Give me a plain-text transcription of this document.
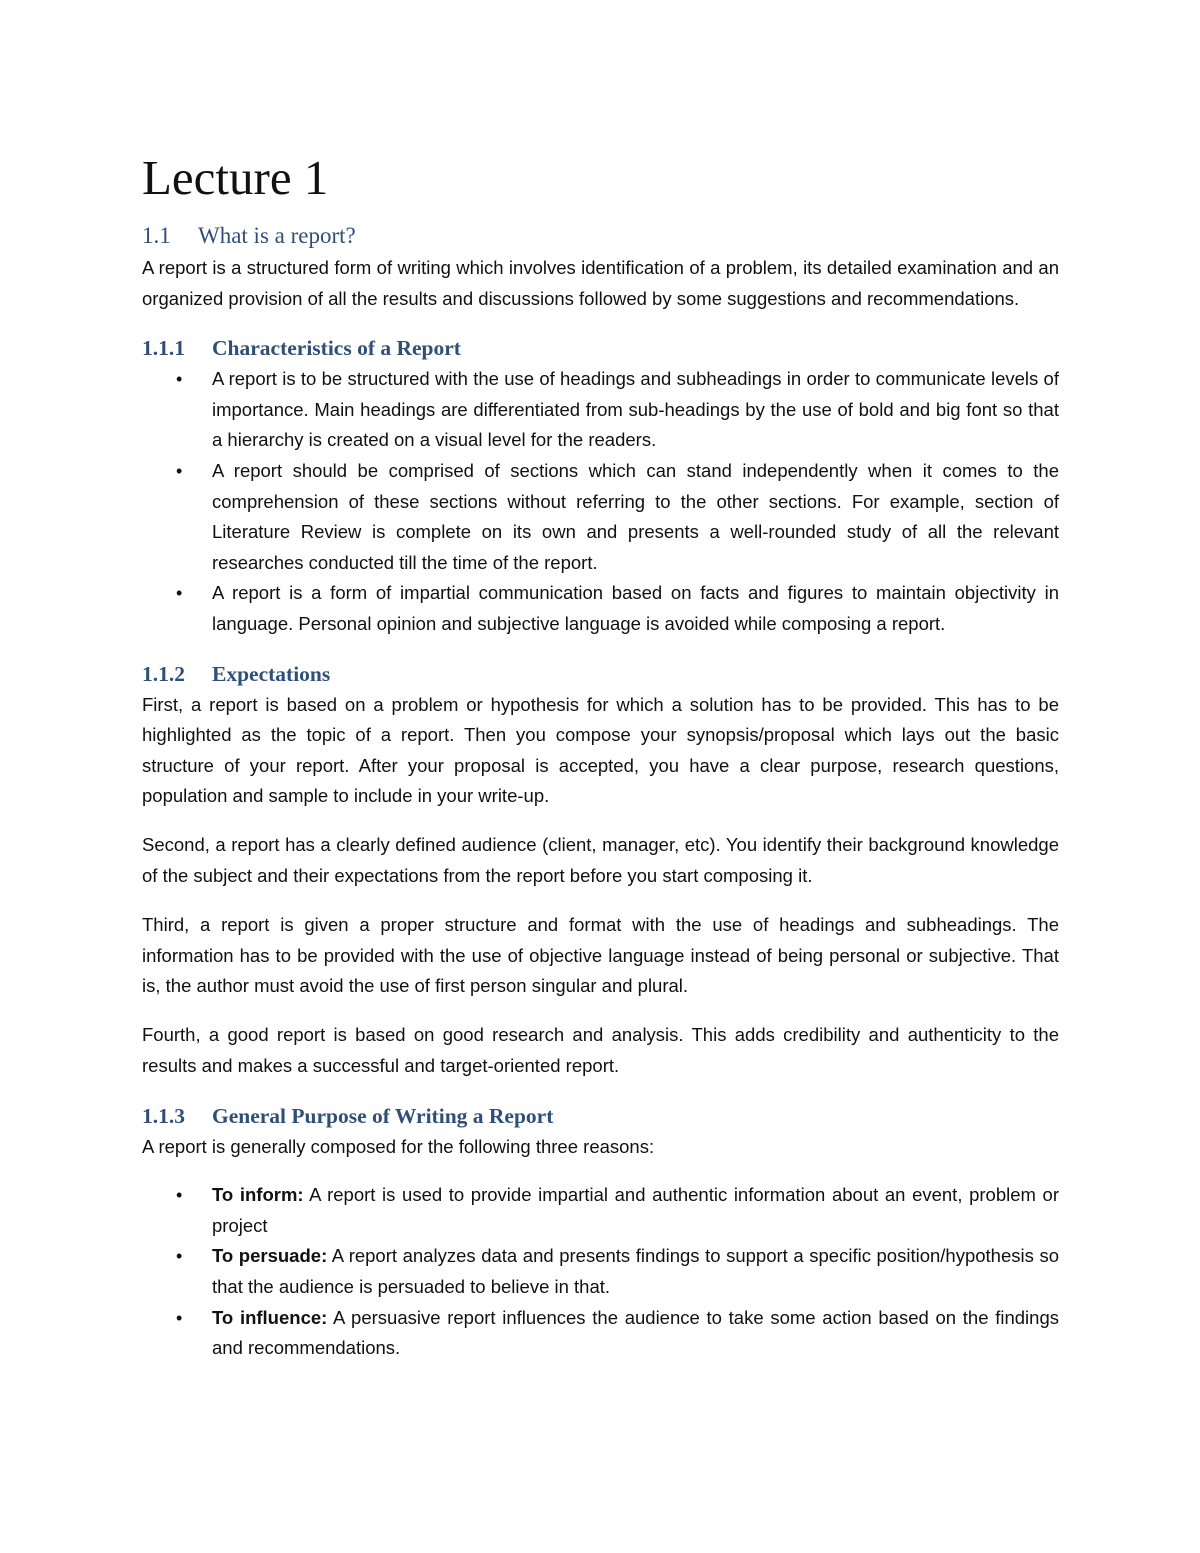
Lecture 1
1.1	What is a report?

A report is a structured form of writing which involves identification of a problem, its detailed examination and an organized provision of all the results and discussions followed by some suggestions and recommendations.

1.1.1	Characteristics of a Report
• A report is to be structured with the use of headings and subheadings in order to communicate levels of importance. Main headings are differentiated from sub-headings by the use of bold and big font so that a hierarchy is created on a visual level for the readers.
• A report should be comprised of sections which can stand independently when it comes to the comprehension of these sections without referring to the other sections. For example, section of Literature Review is complete on its own and presents a well-rounded study of all the relevant researches conducted till the time of the report.
• A report is a form of impartial communication based on facts and figures to maintain objectivity in language. Personal opinion and subjective language is avoided while composing a report.
1.1.2	Expectations

First, a report is based on a problem or hypothesis for which a solution has to be provided. This has to be highlighted as the topic of a report. Then you compose your synopsis/proposal which lays out the basic structure of your report. After your proposal is accepted, you have a clear purpose, research questions, population and sample to include in your write-up.

Second, a report has a clearly defined audience (client, manager, etc). You identify their background knowledge of the subject and their expectations from the report before you start composing it.

Third, a report is given a proper structure and format with the use of headings and subheadings. The information has to be provided with the use of objective language instead of being personal or subjective. That is, the author must avoid the use of first person singular and plural.

Fourth, a good report is based on good research and analysis. This adds credibility and authenticity to the results and makes a successful and target-oriented report.

1.1.3	General Purpose of Writing a Report

A report is generally composed for the following three reasons:

• To inform: A report is used to provide impartial and authentic information about an event, problem or project
• To persuade: A report analyzes data and presents findings to support a specific position/hypothesis so that the audience is persuaded to believe in that.
• To influence: A persuasive report influences the audience to take some action based on the findings and recommendations.
